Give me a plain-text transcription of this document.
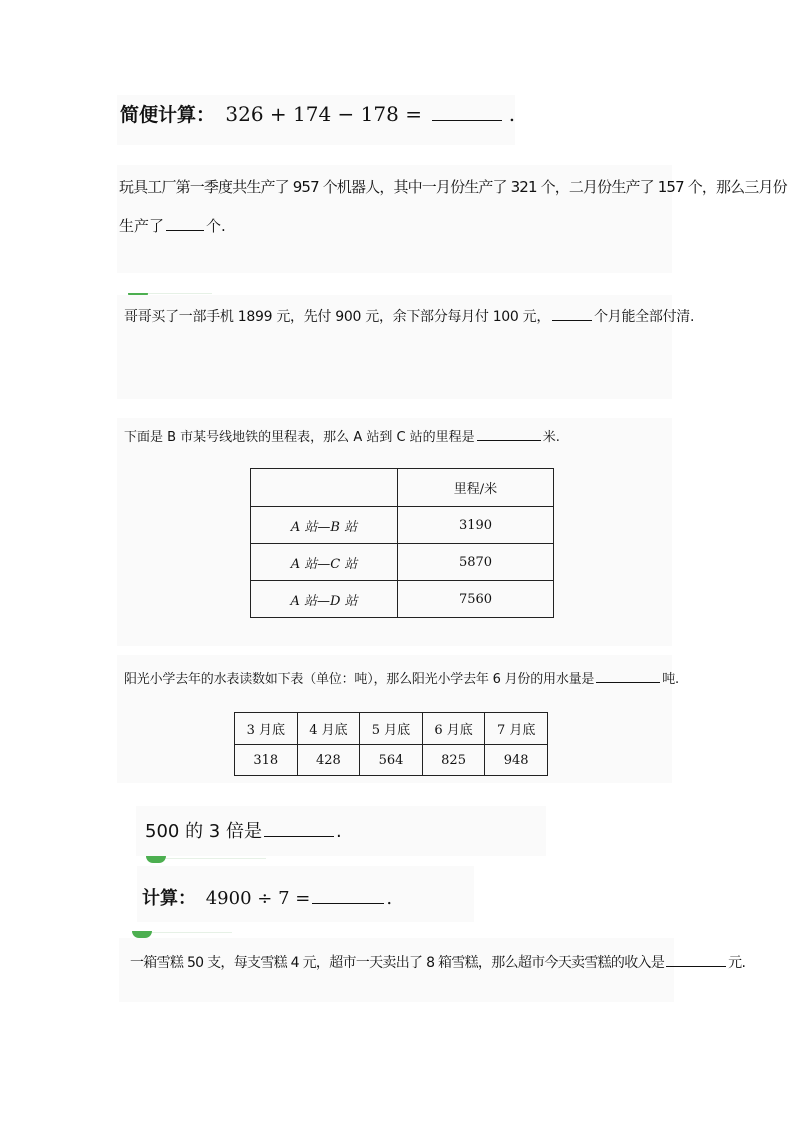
简便计算： 326 + 174 − 178 =	.
玩具工厂第一季度共生产了 957 个机器人，其中一月份生产了 321 个，二月份生产了 157 个，那么三月份
生产了	个.
哥哥买了一部手机 1899 元，先付 900 元，余下部分每月付 100 元，	个月能全部付清.
下面是 B 市某号线地铁的里程表，那么 A 站到 C 站的里程是	米.
	里程/米
A 站—B 站	3190
A 站—C 站	5870
A 站—D 站	7560
阳光小学去年的水表读数如下表（单位：吨），那么阳光小学去年 6 月份的用水量是	吨.
3 月底	4 月底	5 月底	6 月底	7 月底
318	428	564	825	948
500 的 3 倍是	.
计算： 4900 ÷ 7 =	.
一箱雪糕 50 支，每支雪糕 4 元，超市一天卖出了 8 箱雪糕，那么超市今天卖雪糕的收入是	元.
